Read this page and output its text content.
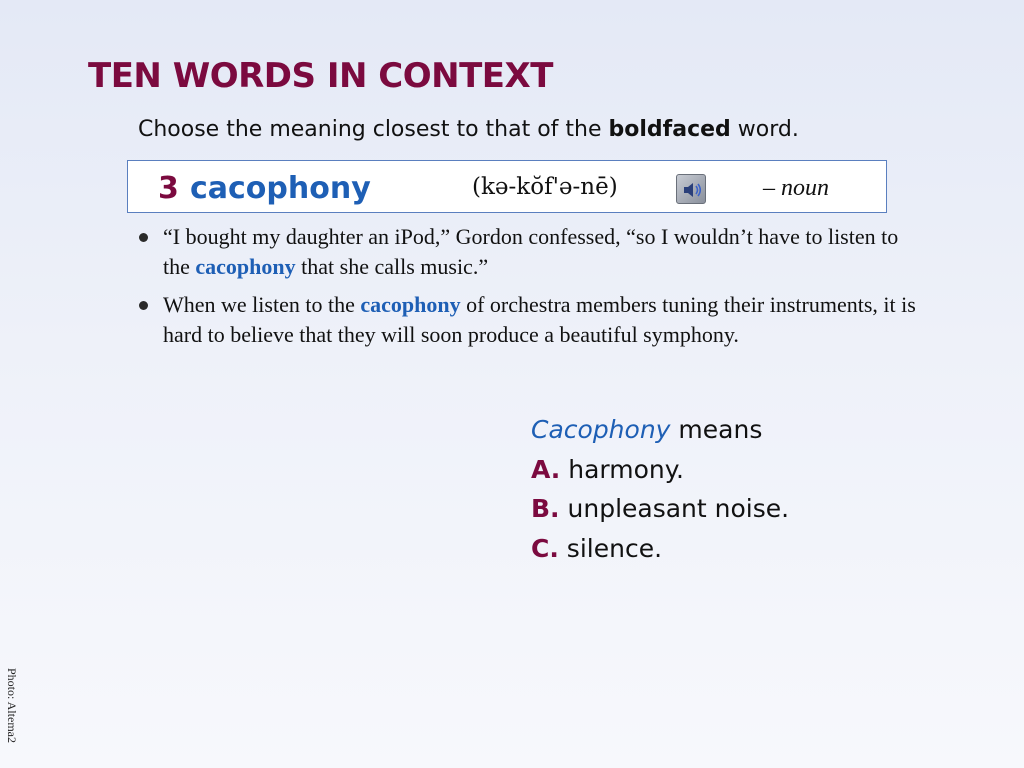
TEN WORDS IN CONTEXT
Choose the meaning closest to that of the boldfaced word.
3 cacophony	(kə-kŏf'ə-nē)	– noun
“I bought my daughter an iPod,” Gordon confessed, “so I wouldn’t have to listen to the cacophony that she calls music.”
When we listen to the cacophony of orchestra members tuning their instruments, it is hard to believe that they will soon produce a beautiful symphony.
Cacophony means
A. harmony.
B. unpleasant noise.
C. silence.
Photo: Altema2
